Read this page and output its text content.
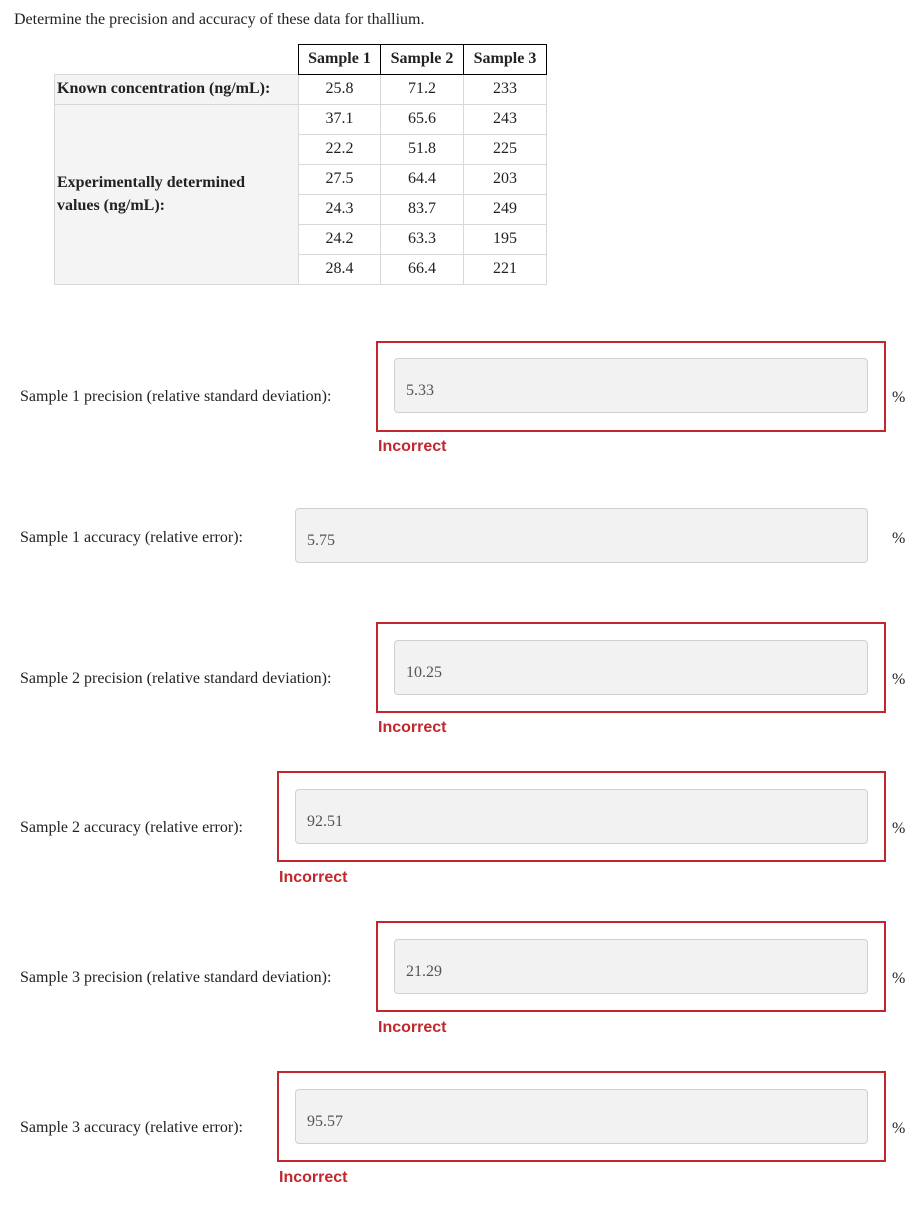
Determine the precision and accuracy of these data for thallium.
	Sample 1	Sample 2	Sample 3
Known concentration (ng/mL):	25.8	71.2	233
Experimentally determined
values (ng/mL):	37.1	65.6	243
	22.2	51.8	225
	27.5	64.4	203
	24.3	83.7	249
	24.2	63.3	195
	28.4	66.4	221
Sample 1 precision (relative standard deviation):
5.33	%
Incorrect
Sample 1 accuracy (relative error):
5.75	%
Sample 2 precision (relative standard deviation):
10.25	%
Incorrect
Sample 2 accuracy (relative error):
92.51	%
Incorrect
Sample 3 precision (relative standard deviation):
21.29	%
Incorrect
Sample 3 accuracy (relative error):
95.57	%
Incorrect
